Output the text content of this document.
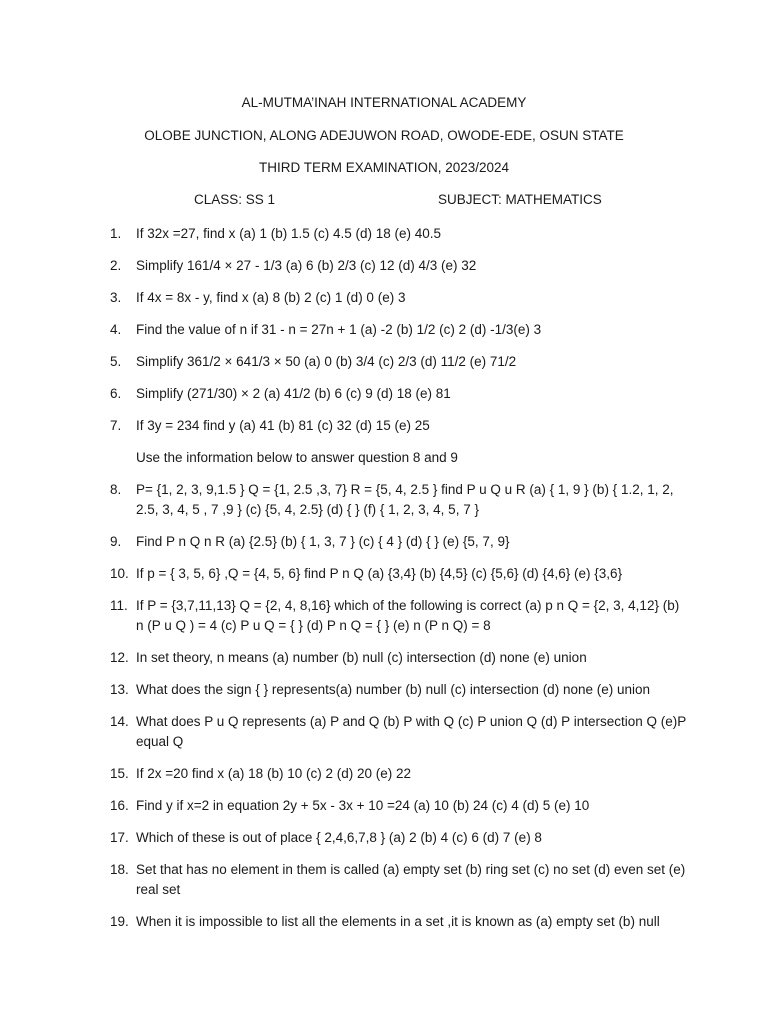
AL-MUTMA’INAH INTERNATIONAL ACADEMY
OLOBE JUNCTION, ALONG ADEJUWON ROAD, OWODE-EDE, OSUN STATE
THIRD TERM EXAMINATION, 2023/2024
CLASS: SS 1	SUBJECT: MATHEMATICS
1. If 32x =27, find x (a) 1 (b) 1.5 (c) 4.5 (d) 18 (e) 40.5
2. Simplify 161/4 × 27 - 1/3 (a) 6 (b) 2/3 (c) 12 (d) 4/3 (e) 32
3. If 4x = 8x - y, find x (a) 8 (b) 2 (c) 1 (d) 0 (e) 3
4. Find the value of n if 31 - n = 27n + 1 (a) -2 (b) 1/2 (c) 2 (d) -1/3(e) 3
5. Simplify 361/2 × 641/3 × 50 (a) 0 (b) 3/4 (c) 2/3 (d) 11/2 (e) 71/2
6. Simplify (271/30) × 2 (a) 41/2 (b) 6 (c) 9 (d) 18 (e) 81
7. If 3y = 234 find y (a) 41 (b) 81 (c) 32 (d) 15 (e) 25
Use the information below to answer question 8 and 9
8. P= {1, 2, 3, 9,1.5 } Q = {1, 2.5 ,3, 7} R = {5, 4, 2.5 } find P u Q u R (a) { 1, 9 } (b) { 1.2, 1, 2, 2.5, 3, 4, 5 , 7 ,9 } (c) {5, 4, 2.5} (d) { } (f) { 1, 2, 3, 4, 5, 7 }
9. Find P n Q n R (a) {2.5} (b) { 1, 3, 7 } (c) { 4 } (d) { } (e) {5, 7, 9}
10. If p = { 3, 5, 6} ,Q = {4, 5, 6} find P n Q (a) {3,4} (b) {4,5} (c) {5,6} (d) {4,6} (e) {3,6}
11. If P = {3,7,11,13} Q = {2, 4, 8,16} which of the following is correct (a) p n Q = {2, 3, 4,12} (b) n (P u Q ) = 4 (c) P u Q = { } (d) P n Q = { } (e) n (P n Q) = 8
12. In set theory, n means (a) number (b) null (c) intersection (d) none (e) union
13. What does the sign { } represents(a) number (b) null (c) intersection (d) none (e) union
14. What does P u Q represents (a) P and Q (b) P with Q (c) P union Q (d) P intersection Q (e)P equal Q
15. If 2x =20 find x (a) 18 (b) 10 (c) 2 (d) 20 (e) 22
16. Find y if x=2 in equation 2y + 5x - 3x + 10 =24 (a) 10 (b) 24 (c) 4 (d) 5 (e) 10
17. Which of these is out of place { 2,4,6,7,8 } (a) 2 (b) 4 (c) 6 (d) 7 (e) 8
18. Set that has no element in them is called (a) empty set (b) ring set (c) no set (d) even set (e) real set
19. When it is impossible to list all the elements in a set ,it is known as (a) empty set (b) null
